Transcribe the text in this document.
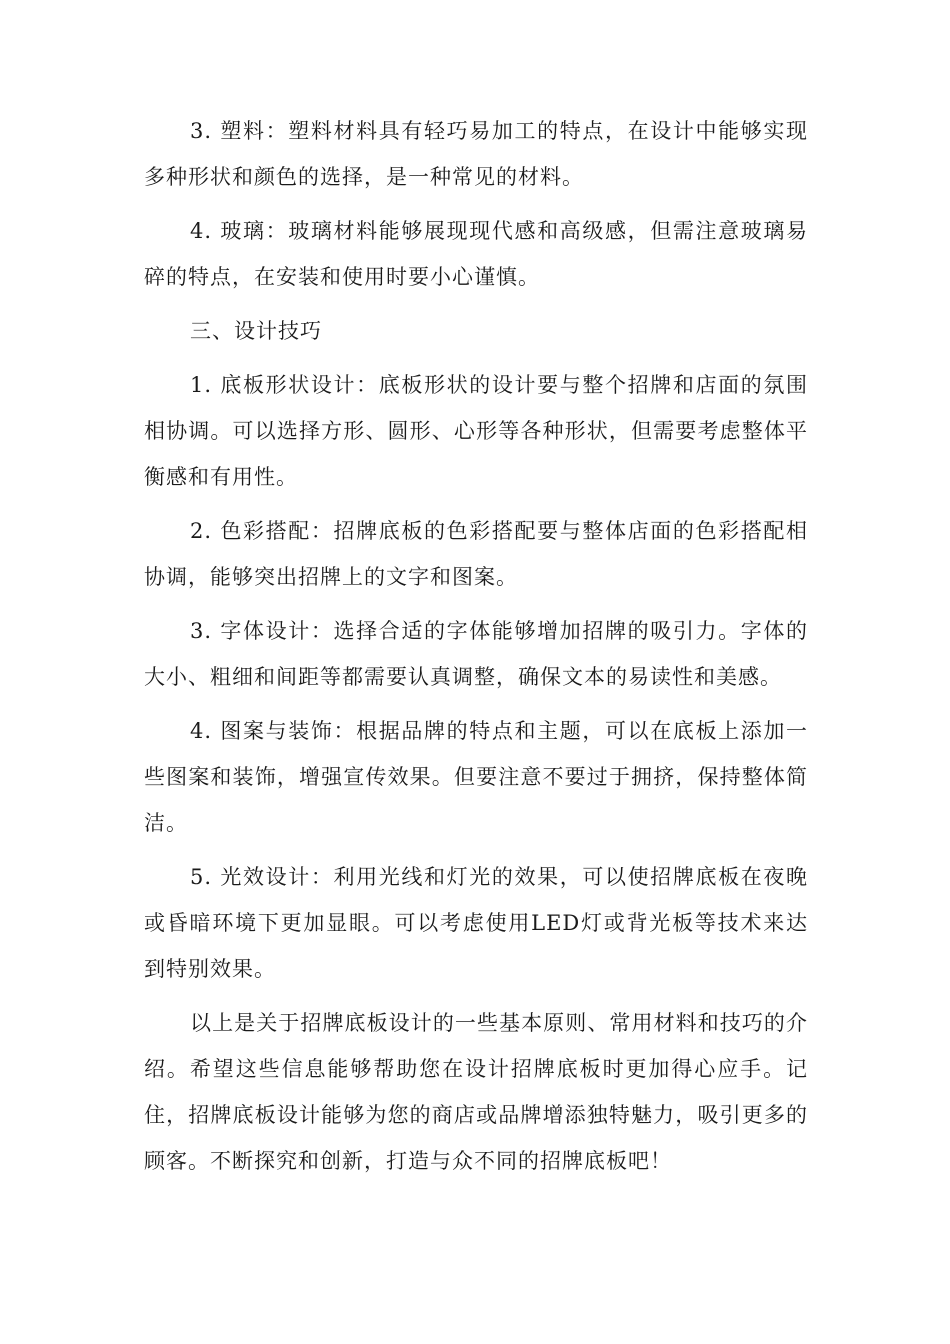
3. 塑料：塑料材料具有轻巧易加工的特点，在设计中能够实现多种形状和颜色的选择，是一种常见的材料。

4. 玻璃：玻璃材料能够展现现代感和高级感，但需注意玻璃易碎的特点，在安装和使用时要小心谨慎。

三、设计技巧

1. 底板形状设计：底板形状的设计要与整个招牌和店面的氛围相协调。可以选择方形、圆形、心形等各种形状，但需要考虑整体平衡感和有用性。

2. 色彩搭配：招牌底板的色彩搭配要与整体店面的色彩搭配相协调，能够突出招牌上的文字和图案。

3. 字体设计：选择合适的字体能够增加招牌的吸引力。字体的大小、粗细和间距等都需要认真调整，确保文本的易读性和美感。

4. 图案与装饰：根据品牌的特点和主题，可以在底板上添加一些图案和装饰，增强宣传效果。但要注意不要过于拥挤，保持整体简洁。

5. 光效设计：利用光线和灯光的效果，可以使招牌底板在夜晚或昏暗环境下更加显眼。可以考虑使用LED灯或背光板等技术来达到特别效果。

以上是关于招牌底板设计的一些基本原则、常用材料和技巧的介绍。希望这些信息能够帮助您在设计招牌底板时更加得心应手。记住，招牌底板设计能够为您的商店或品牌增添独特魅力，吸引更多的顾客。不断探究和创新，打造与众不同的招牌底板吧！
